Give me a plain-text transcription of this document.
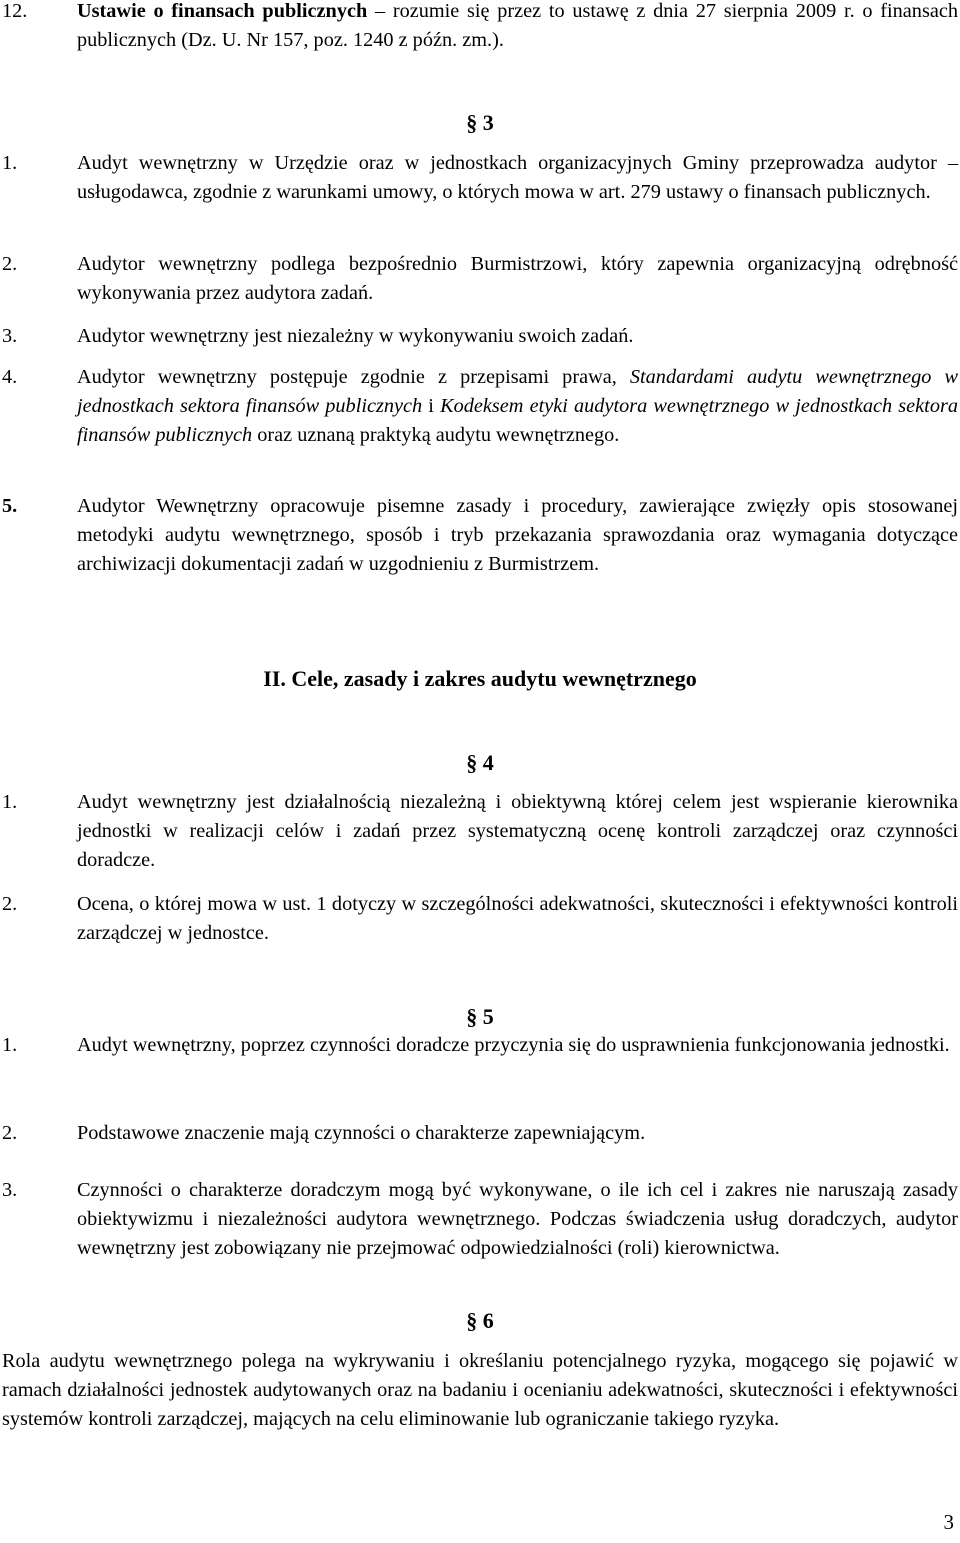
12. Ustawie o finansach publicznych – rozumie się przez to ustawę z dnia 27 sierpnia 2009 r. o finansach publicznych (Dz. U. Nr 157, poz. 1240 z późn. zm.).
§ 3
1.	Audyt wewnętrzny w Urzędzie oraz w jednostkach organizacyjnych Gminy przeprowadza audytor – usługodawca, zgodnie z warunkami umowy, o których mowa w art. 279 ustawy o finansach publicznych.
2.	Audytor wewnętrzny podlega bezpośrednio Burmistrzowi, który zapewnia organizacyjną odrębność wykonywania przez audytora zadań.
3.	Audytor wewnętrzny jest niezależny w wykonywaniu swoich zadań.
4.	Audytor wewnętrzny postępuje zgodnie z przepisami prawa, Standardami audytu wewnętrznego w jednostkach sektora finansów publicznych i Kodeksem etyki audytora wewnętrznego w jednostkach sektora finansów publicznych oraz uznaną praktyką audytu wewnętrznego.
5.	Audytor Wewnętrzny opracowuje pisemne zasady i procedury, zawierające zwięzły opis stosowanej metodyki audytu wewnętrznego, sposób i tryb przekazania sprawozdania oraz wymagania dotyczące archiwizacji dokumentacji zadań w uzgodnieniu z Burmistrzem.
II. Cele, zasady i zakres audytu wewnętrznego
§ 4
1.	Audyt wewnętrzny jest działalnością niezależną i obiektywną której celem jest wspieranie kierownika jednostki w realizacji celów i zadań przez systematyczną ocenę kontroli zarządczej oraz czynności doradcze.
2.	Ocena, o której mowa w ust. 1 dotyczy w szczególności adekwatności, skuteczności i efektywności kontroli zarządczej w jednostce.
§ 5
1.	Audyt wewnętrzny, poprzez czynności doradcze przyczynia się do usprawnienia funkcjonowania jednostki.
2.	Podstawowe znaczenie mają czynności o charakterze zapewniającym.
3.	Czynności o charakterze doradczym mogą być wykonywane, o ile ich cel i zakres nie naruszają zasady obiektywizmu i niezależności audytora wewnętrznego. Podczas świadczenia usług doradczych, audytor wewnętrzny jest zobowiązany nie przejmować odpowiedzialności (roli) kierownictwa.
§ 6
Rola audytu wewnętrznego polega na wykrywaniu i określaniu potencjalnego ryzyka, mogącego się pojawić w ramach działalności jednostek audytowanych oraz na badaniu i ocenianiu adekwatności, skuteczności i efektywności systemów kontroli zarządczej, mających na celu eliminowanie lub ograniczanie takiego ryzyka.
3
